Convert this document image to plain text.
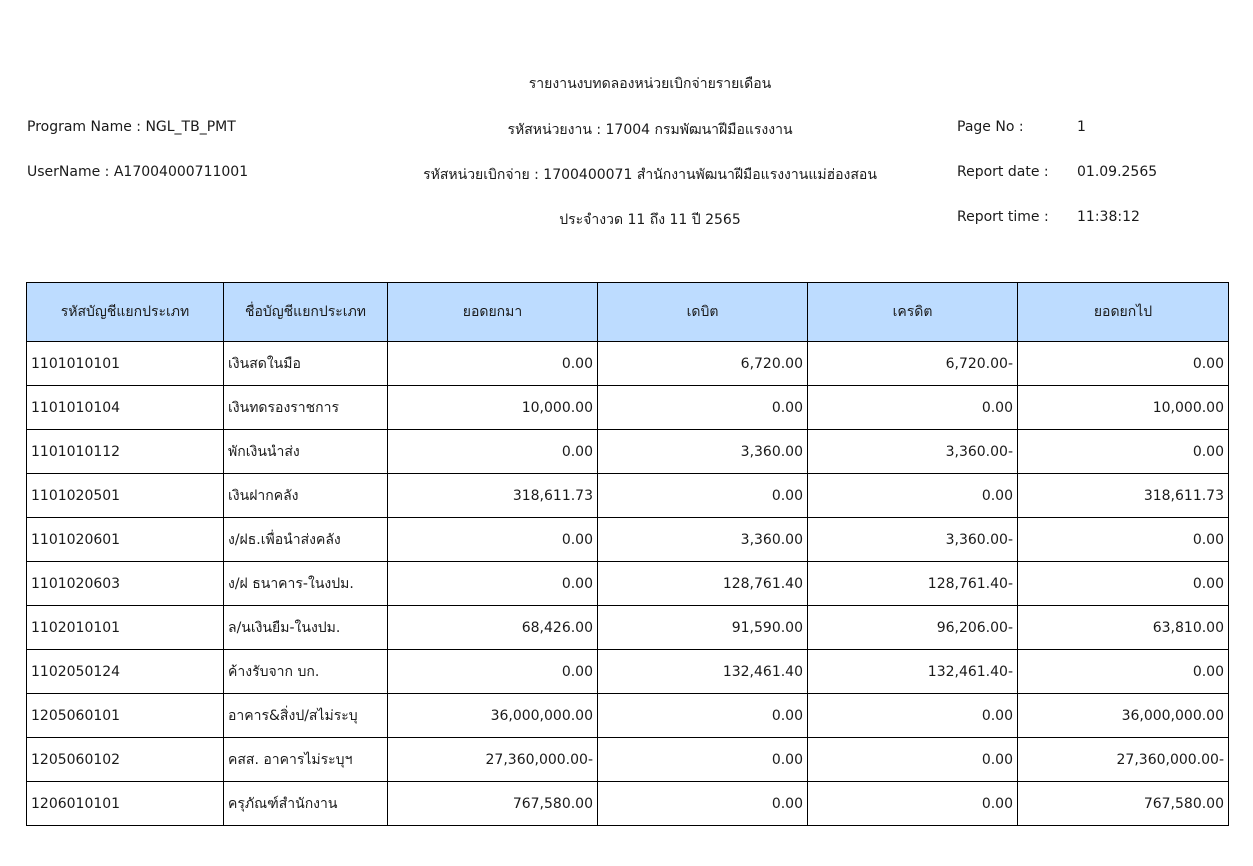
รายงานงบทดลองหน่วยเบิกจ่ายรายเดือน
Program Name : NGL_TB_PMT
UserName : A17004000711001
รหัสหน่วยงาน : 17004 กรมพัฒนาฝีมือแรงงาน
รหัสหน่วยเบิกจ่าย : 1700400071 สำนักงานพัฒนาฝีมือแรงงานแม่ฮ่องสอน
ประจำงวด 11 ถึง 11 ปี 2565
Page No :	1
Report date : 01.09.2565
Report time : 11:38:12
รหัสบัญชีแยกประเภท	ชื่อบัญชีแยกประเภท	ยอดยกมา	เดบิต	เครดิต	ยอดยกไป
1101010101	เงินสดในมือ	0.00	6,720.00	6,720.00-	0.00
1101010104	เงินทดรองราชการ	10,000.00	0.00	0.00	10,000.00
1101010112	พักเงินนำส่ง	0.00	3,360.00	3,360.00-	0.00
1101020501	เงินฝากคลัง	318,611.73	0.00	0.00	318,611.73
1101020601	ง/ฝธ.เพื่อนำส่งคลัง	0.00	3,360.00	3,360.00-	0.00
1101020603	ง/ฝ ธนาคาร-ในงปม.	0.00	128,761.40	128,761.40-	0.00
1102010101	ล/นเงินยืม-ในงปม.	68,426.00	91,590.00	96,206.00-	63,810.00
1102050124	ค้างรับจาก บก.	0.00	132,461.40	132,461.40-	0.00
1205060101	อาคาร&สิ่งป/สไม่ระบุ	36,000,000.00	0.00	0.00	36,000,000.00
1205060102	คสส. อาคารไม่ระบุฯ	27,360,000.00-	0.00	0.00	27,360,000.00-
1206010101	ครุภัณฑ์สำนักงาน	767,580.00	0.00	0.00	767,580.00
